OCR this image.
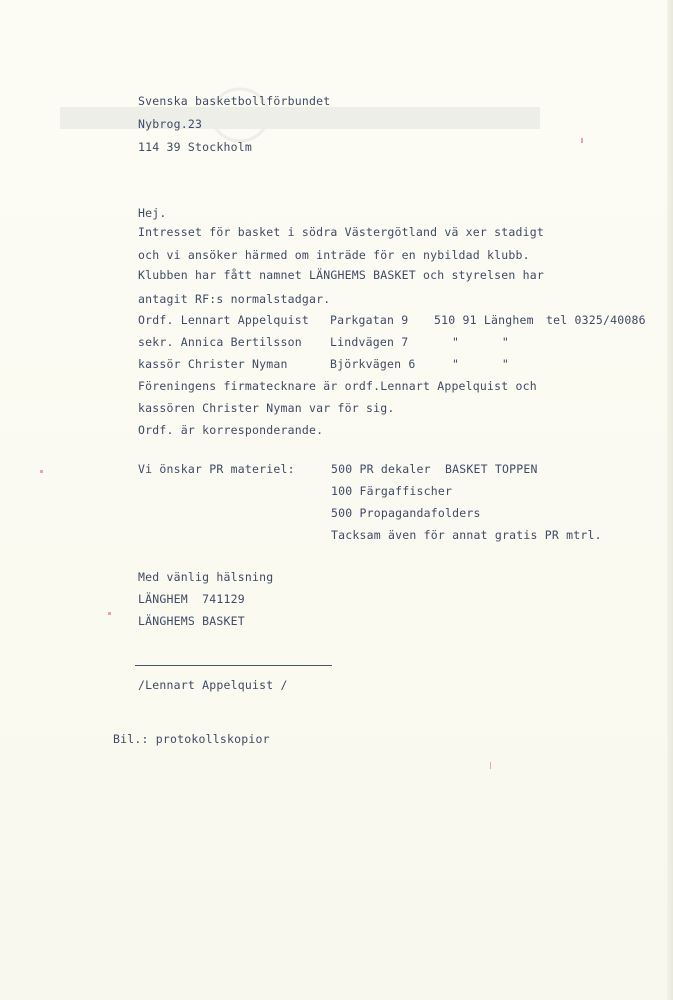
Svenska basketbollförbundet
Nybrog.23
114 39 Stockholm
Hej.
Intresset för basket i södra Västergötland vä xer stadigt
och vi ansöker härmed om inträde för en nybildad klubb.
Klubben har fått namnet LÄNGHEMS BASKET och styrelsen har
antagit RF:s normalstadgar.
Ordf. Lennart Appelquist Parkgatan 9 510 91 Länghem tel 0325/40086
sekr. Annica Bertilsson Lindvägen 7	"      "
kassör Christer Nyman	Björkvägen 6	"      "
Föreningens firmatecknare är ordf.Lennart Appelquist och
kassören Christer Nyman var för sig.
Ordf. är korresponderande.
Vi önskar PR materiel:	500 PR dekaler  BASKET TOPPEN
100 Färgaffischer
500 Propagandafolders
Tacksam även för annat gratis PR mtrl.
Med vänlig hälsning
LÄNGHEM  741129
LÄNGHEMS BASKET
/Lennart Appelquist /
Bil.: protokollskopior
